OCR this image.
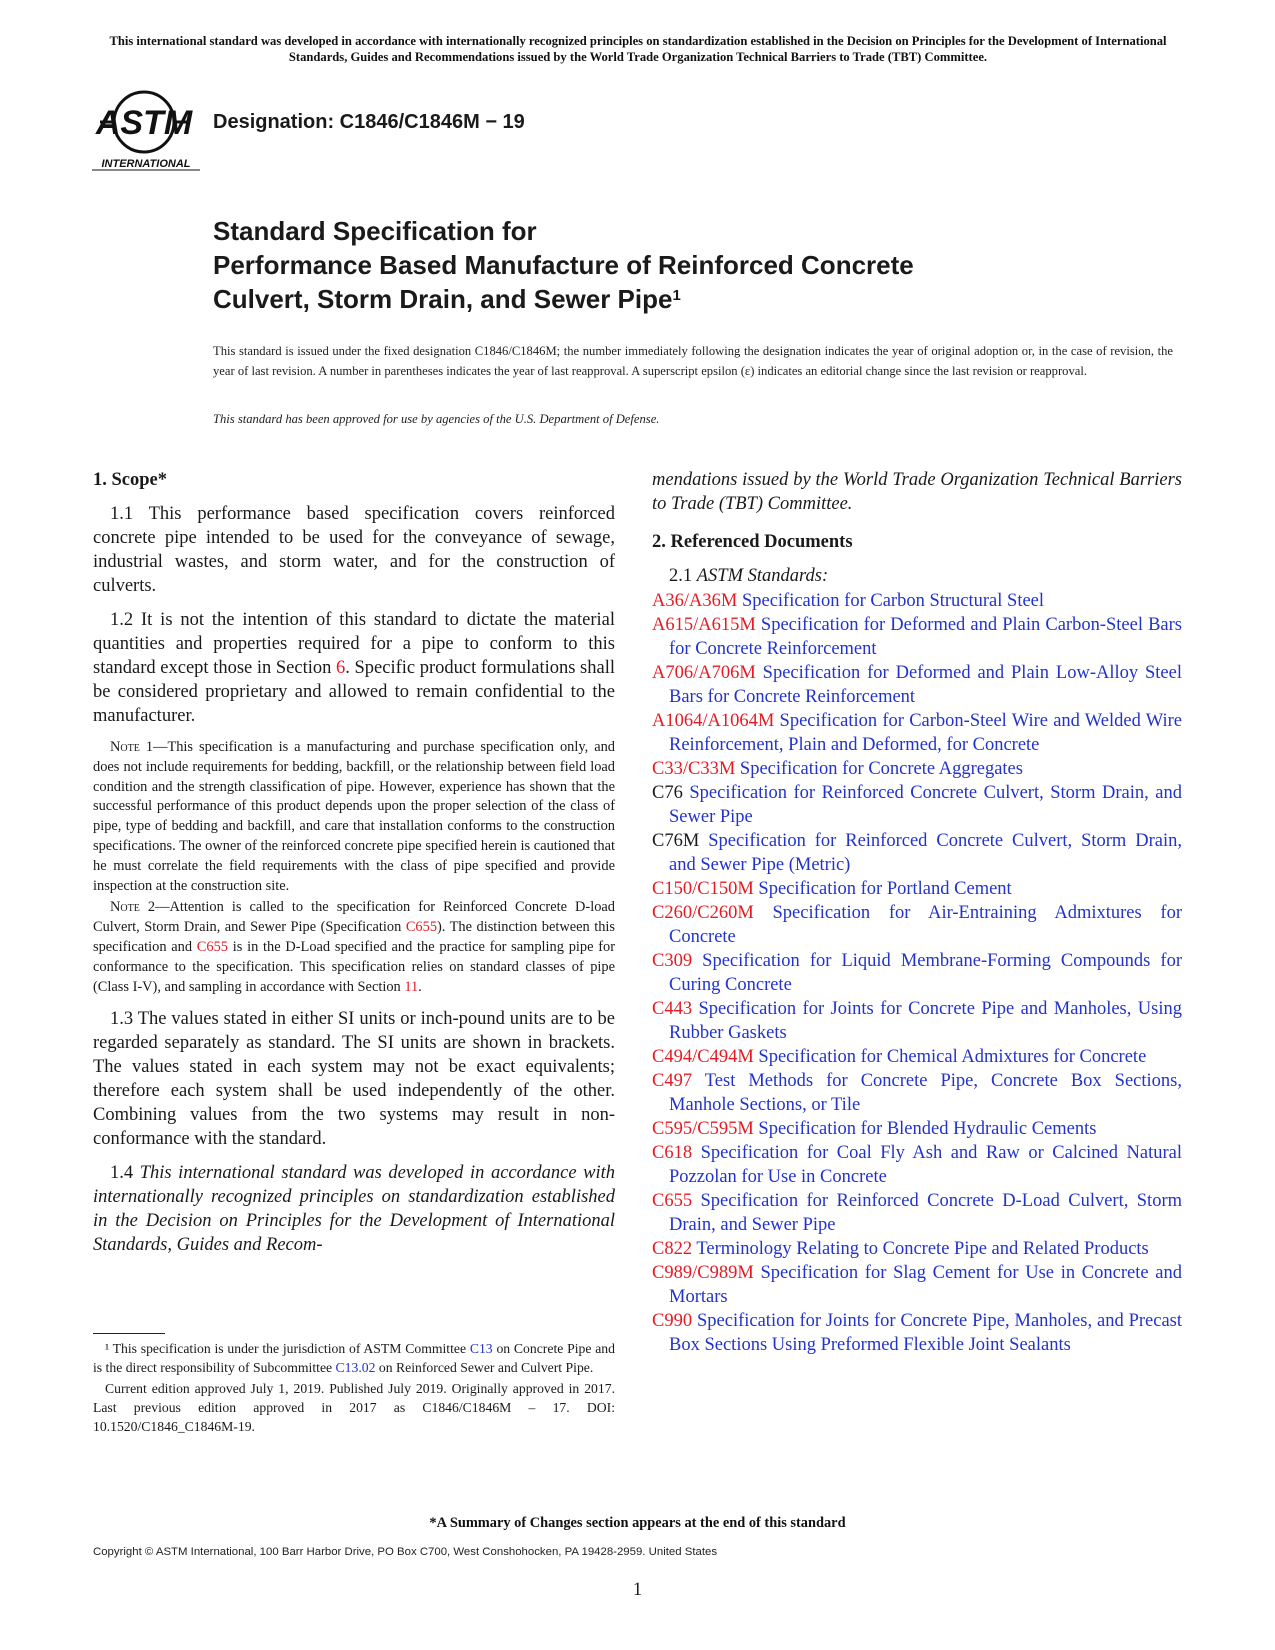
This international standard was developed in accordance with internationally recognized principles on standardization established in the Decision on Principles for the Development of International Standards, Guides and Recommendations issued by the World Trade Organization Technical Barriers to Trade (TBT) Committee.
ASTM
INTERNATIONAL
Designation: C1846/C1846M − 19
Standard Specification for
Performance Based Manufacture of Reinforced Concrete
Culvert, Storm Drain, and Sewer Pipe$^1$
This standard is issued under the fixed designation C1846/C1846M; the number immediately following the designation indicates the year of original adoption or, in the case of revision, the year of last revision. A number in parentheses indicates the year of last reapproval. A superscript epsilon (ε) indicates an editorial change since the last revision or reapproval.
This standard has been approved for use by agencies of the U.S. Department of Defense.
1. Scope*

1.1 This performance based specification covers reinforced concrete pipe intended to be used for the conveyance of sewage, industrial wastes, and storm water, and for the construction of culverts.

1.2 It is not the intention of this standard to dictate the material quantities and properties required for a pipe to conform to this standard except those in Section 6. Specific product formulations shall be considered proprietary and allowed to remain confidential to the manufacturer.

Note 1—This specification is a manufacturing and purchase specification only, and does not include requirements for bedding, backfill, or the relationship between field load condition and the strength classification of pipe. However, experience has shown that the successful performance of this product depends upon the proper selection of the class of pipe, type of bedding and backfill, and care that installation conforms to the construction specifications. The owner of the reinforced concrete pipe specified herein is cautioned that he must correlate the field requirements with the class of pipe specified and provide inspection at the construction site.

Note 2—Attention is called to the specification for Reinforced Concrete D-load Culvert, Storm Drain, and Sewer Pipe (Specification C655). The distinction between this specification and C655 is in the D-Load specified and the practice for sampling pipe for conformance to the specification. This specification relies on standard classes of pipe (Class I-V), and sampling in accordance with Section 11.

1.3 The values stated in either SI units or inch-pound units are to be regarded separately as standard. The SI units are shown in brackets. The values stated in each system may not be exact equivalents; therefore each system shall be used independently of the other. Combining values from the two systems may result in non-conformance with the standard.

1.4 This international standard was developed in accordance with internationally recognized principles on standardization established in the Decision on Principles for the Development of International Standards, Guides and Recom-

¹ This specification is under the jurisdiction of ASTM Committee C13 on Concrete Pipe and is the direct responsibility of Subcommittee C13.02 on Reinforced Sewer and Culvert Pipe.

Current edition approved July 1, 2019. Published July 2019. Originally approved in 2017. Last previous edition approved in 2017 as C1846/C1846M – 17. DOI: 10.1520/C1846_C1846M-19.

mendations issued by the World Trade Organization Technical Barriers to Trade (TBT) Committee.

2. Referenced Documents
2.1 ASTM Standards:
A36/A36M Specification for Carbon Structural Steel
A615/A615M Specification for Deformed and Plain Carbon-Steel Bars for Concrete Reinforcement
A706/A706M Specification for Deformed and Plain Low-Alloy Steel Bars for Concrete Reinforcement
A1064/A1064M Specification for Carbon-Steel Wire and Welded Wire Reinforcement, Plain and Deformed, for Concrete
C33/C33M Specification for Concrete Aggregates
C76 Specification for Reinforced Concrete Culvert, Storm Drain, and Sewer Pipe
C76M Specification for Reinforced Concrete Culvert, Storm Drain, and Sewer Pipe (Metric)
C150/C150M Specification for Portland Cement
C260/C260M Specification for Air-Entraining Admixtures for Concrete
C309 Specification for Liquid Membrane-Forming Compounds for Curing Concrete
C443 Specification for Joints for Concrete Pipe and Manholes, Using Rubber Gaskets
C494/C494M Specification for Chemical Admixtures for Concrete
C497 Test Methods for Concrete Pipe, Concrete Box Sections, Manhole Sections, or Tile
C595/C595M Specification for Blended Hydraulic Cements
C618 Specification for Coal Fly Ash and Raw or Calcined Natural Pozzolan for Use in Concrete
C655 Specification for Reinforced Concrete D-Load Culvert, Storm Drain, and Sewer Pipe
C822 Terminology Relating to Concrete Pipe and Related Products
C989/C989M Specification for Slag Cement for Use in Concrete and Mortars
C990 Specification for Joints for Concrete Pipe, Manholes, and Precast Box Sections Using Preformed Flexible Joint Sealants
*A Summary of Changes section appears at the end of this standard
Copyright © ASTM International, 100 Barr Harbor Drive, PO Box C700, West Conshohocken, PA 19428-2959. United States
1
